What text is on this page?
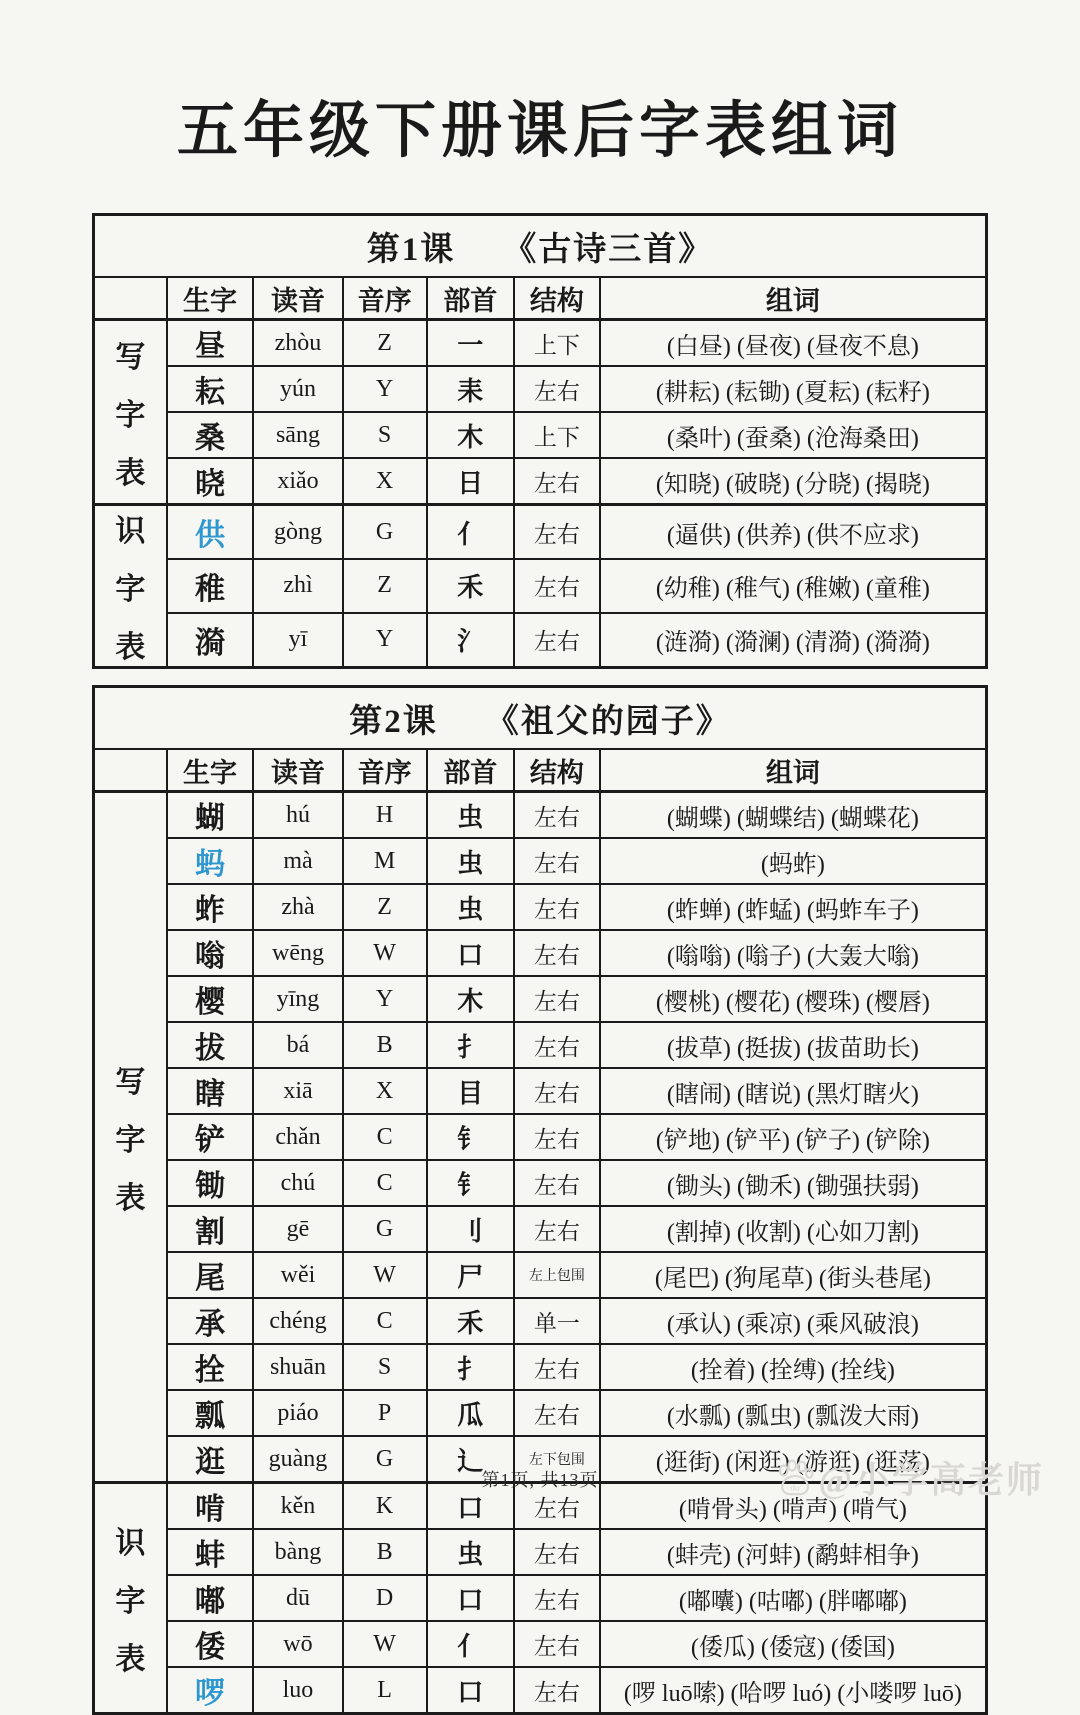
五年级下册课后字表组词
第1课 《古诗三首》						
	生字	读音	音序	部首	结构	组词

写
字
表	昼	zhòu	Z	一	上下	(白昼) (昼夜) (昼夜不息)
	耘	yún	Y	耒	左右	(耕耘) (耘锄) (夏耘) (耘籽)
	桑	sāng	S	木	上下	(桑叶) (蚕桑) (沧海桑田)
	晓	xiǎo	X	日	左右	(知晓) (破晓) (分晓) (揭晓)

识
字
表	供	gòng	G	亻	左右	(逼供) (供养) (供不应求)
	稚	zhì	Z	禾	左右	(幼稚) (稚气) (稚嫩) (童稚)
	漪	yī	Y	氵	左右	(涟漪) (漪澜) (清漪) (漪漪)
第2课 《祖父的园子》						
	生字	读音	音序	部首	结构	组词

写
字
表	蝴	hú	H	虫	左右	(蝴蝶) (蝴蝶结) (蝴蝶花)
	蚂	mà	M	虫	左右	(蚂蚱)
	蚱	zhà	Z	虫	左右	(蚱蝉) (蚱蜢) (蚂蚱车子)
	嗡	wēng	W	口	左右	(嗡嗡) (嗡子) (大轰大嗡)
	樱	yīng	Y	木	左右	(樱桃) (樱花) (樱珠) (樱唇)
	拔	bá	B	扌	左右	(拔草) (挺拔) (拔苗助长)
	瞎	xiā	X	目	左右	(瞎闹) (瞎说) (黑灯瞎火)
	铲	chǎn	C	钅	左右	(铲地) (铲平) (铲子) (铲除)
	锄	chú	C	钅	左右	(锄头) (锄禾) (锄强扶弱)
	割	gē	G	刂	左右	(割掉) (收割) (心如刀割)
	尾	wěi	W	尸	左上包围	(尾巴) (狗尾草) (街头巷尾)
	承	chéng	C	禾	单一	(承认) (乘凉) (乘风破浪)
	拴	shuān	S	扌	左右	(拴着) (拴缚) (拴线)
	瓢	piáo	P	瓜	左右	(水瓢) (瓢虫) (瓢泼大雨)
	逛	guàng	G	辶	左下包围	(逛街) (闲逛) (游逛) (逛荡)

识
字
表	啃	kěn	K	口	左右	(啃骨头) (啃声) (啃气)
	蚌	bàng	B	虫	左右	(蚌壳) (河蚌) (鹬蚌相争)
	嘟	dū	D	口	左右	(嘟囔) (咕嘟) (胖嘟嘟)
	倭	wō	W	亻	左右	(倭瓜) (倭寇) (倭国)
	啰	luo	L	口	左右	(啰 luō嗦) (哈啰 luó) (小喽啰 luō)
第1页, 共13页	du @小学高老师
